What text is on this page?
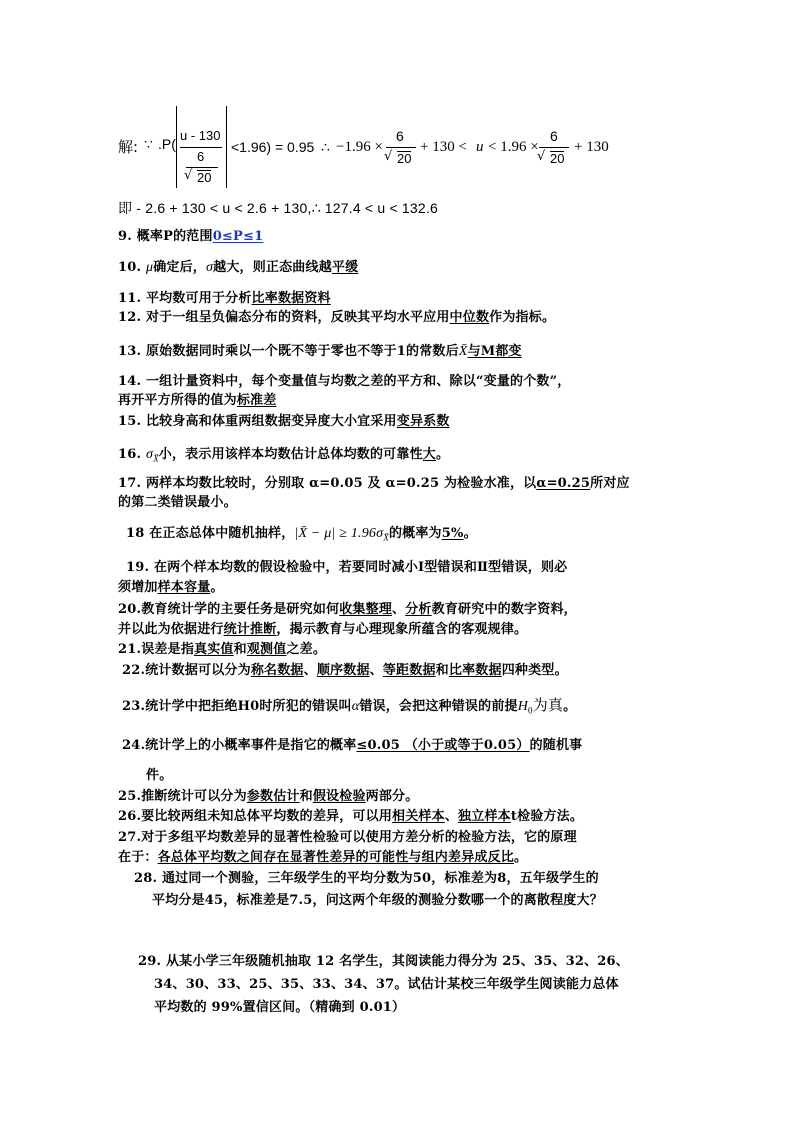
解: ∵ .P(
u - 130
6
√ 20
<1.96) = 0.95 ∴ −1.96 ×
6
√ 20
+ 130 < u < 1.96 ×
6
√ 20
+ 130
即 - 2.6 + 130 < u < 2.6 + 130,∴ 127.4 < u < 132.6
9. 概率P的范围0≤P≤1
10. μ确定后，σ越大，则正态曲线越平缓
11. 平均数可用于分析比率数据资料
12. 对于一组呈负偏态分布的资料，反映其平均水平应用中位数作为指标。
13. 原始数据同时乘以一个既不等于零也不等于1的常数后X̄与M都变
14. 一组计量资料中，每个变量值与均数之差的平方和、除以“变量的个数”，
再开平方所得的值为标准差
15. 比较身高和体重两组数据变异度大小宜采用变异系数
16. $\sigma_{X̄}$小，表示用该样本均数估计总体均数的可靠性大。
17. 两样本均数比较时，分别取 α=0.05 及 α=0.25 为检验水准，以α=0.25所对应
的第二类错误最小。
18 在正态总体中随机抽样，|X̄ − $\mu| \ge 1.96\sigma_{X̄}$的概率为5%。
19. 在两个样本均数的假设检验中，若要同时减小Ⅰ型错误和Ⅱ型错误，则必
须增加样本容量。
20.教育统计学的主要任务是研究如何收集整理、分析教育研究中的数字资料，
并以此为依据进行统计推断，揭示教育与心理现象所蕴含的客观规律。
21.误差是指真实值和观测值之差。
22.统计数据可以分为称名数据、顺序数据、等距数据和比率数据四种类型。
23.统计学中把拒绝H0时所犯的错误叫α错误，会把这种错误的前提$H_0$为真。
24.统计学上的小概率事件是指它的概率≤0.05 （小于或等于0.05）的随机事
件。
25.推断统计可以分为参数估计和假设检验两部分。
26.要比较两组未知总体平均数的差异，可以用相关样本、独立样本t检验方法。
27.对于多组平均数差异的显著性检验可以使用方差分析的检验方法，它的原理
在于：各总体平均数之间存在显著性差异的可能性与组内差异成反比。
28. 通过同一个测验，三年级学生的平均分数为50，标准差为8，五年级学生的
平均分是45，标准差是7.5，问这两个年级的测验分数哪一个的离散程度大？
29. 从某小学三年级随机抽取 12 名学生，其阅读能力得分为 25、35、32、26、
34、30、33、25、35、33、34、37。试估计某校三年级学生阅读能力总体
平均数的 99%置信区间。（精确到 0.01）
